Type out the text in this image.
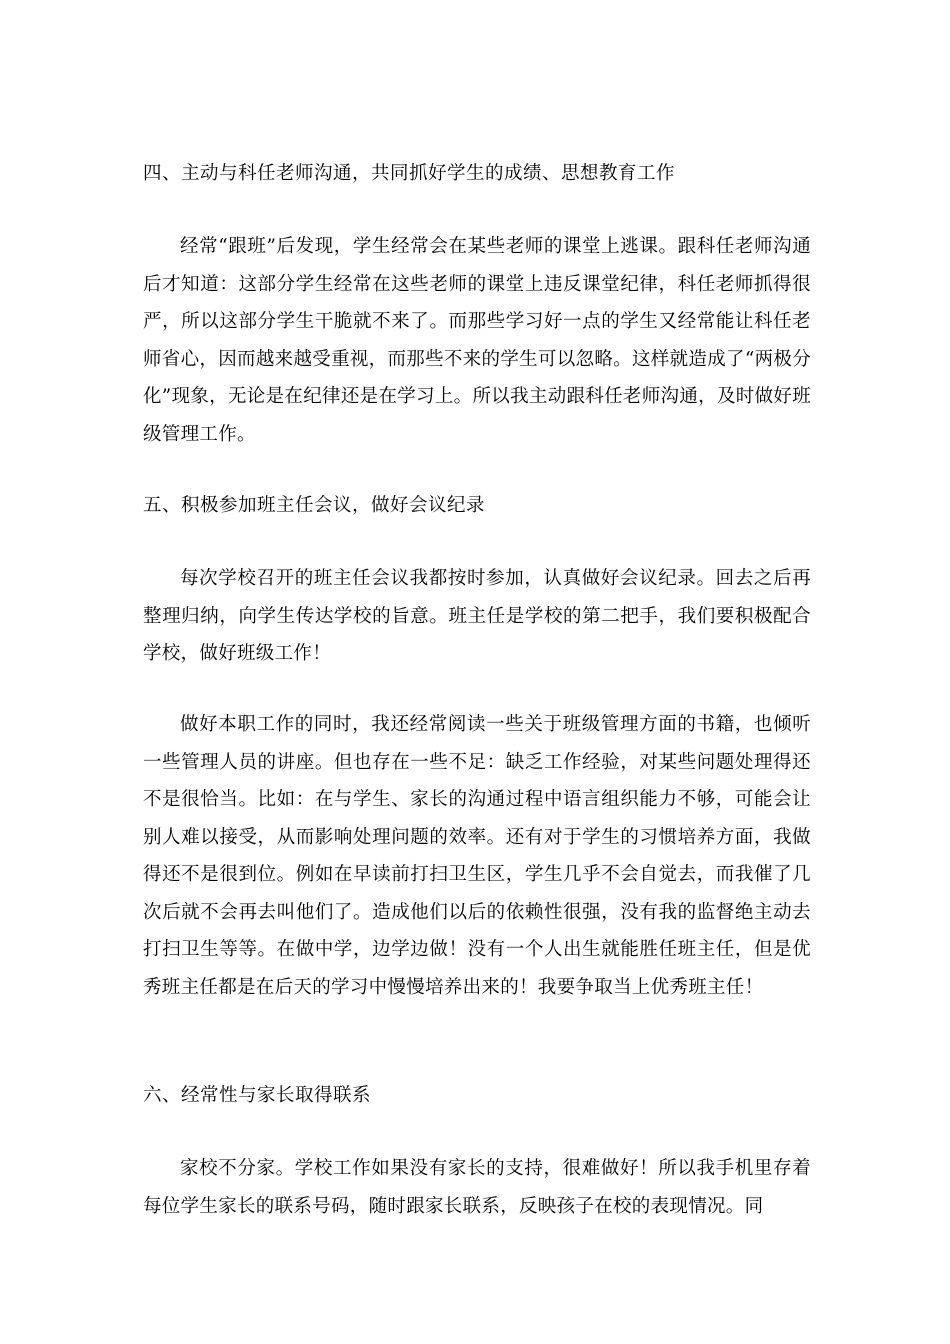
四、主动与科任老师沟通，共同抓好学生的成绩、思想教育工作

经常“跟班”后发现，学生经常会在某些老师的课堂上逃课。跟科任老师沟通后才知道：这部分学生经常在这些老师的课堂上违反课堂纪律，科任老师抓得很严，所以这部分学生干脆就不来了。而那些学习好一点的学生又经常能让科任老师省心，因而越来越受重视，而那些不来的学生可以忽略。这样就造成了“两极分化”现象，无论是在纪律还是在学习上。所以我主动跟科任老师沟通，及时做好班级管理工作。

五、积极参加班主任会议，做好会议纪录

每次学校召开的班主任会议我都按时参加，认真做好会议纪录。回去之后再整理归纳，向学生传达学校的旨意。班主任是学校的第二把手，我们要积极配合学校，做好班级工作！

做好本职工作的同时，我还经常阅读一些关于班级管理方面的书籍，也倾听一些管理人员的讲座。但也存在一些不足：缺乏工作经验，对某些问题处理得还不是很恰当。比如：在与学生、家长的沟通过程中语言组织能力不够，可能会让别人难以接受，从而影响处理问题的效率。还有对于学生的习惯培养方面，我做得还不是很到位。例如在早读前打扫卫生区，学生几乎不会自觉去，而我催了几次后就不会再去叫他们了。造成他们以后的依赖性很强，没有我的监督绝主动去打扫卫生等等。在做中学，边学边做！没有一个人出生就能胜任班主任，但是优秀班主任都是在后天的学习中慢慢培养出来的！我要争取当上优秀班主任！

六、经常性与家长取得联系

家校不分家。学校工作如果没有家长的支持，很难做好！所以我手机里存着每位学生家长的联系号码，随时跟家长联系，反映孩子在校的表现情况。同
